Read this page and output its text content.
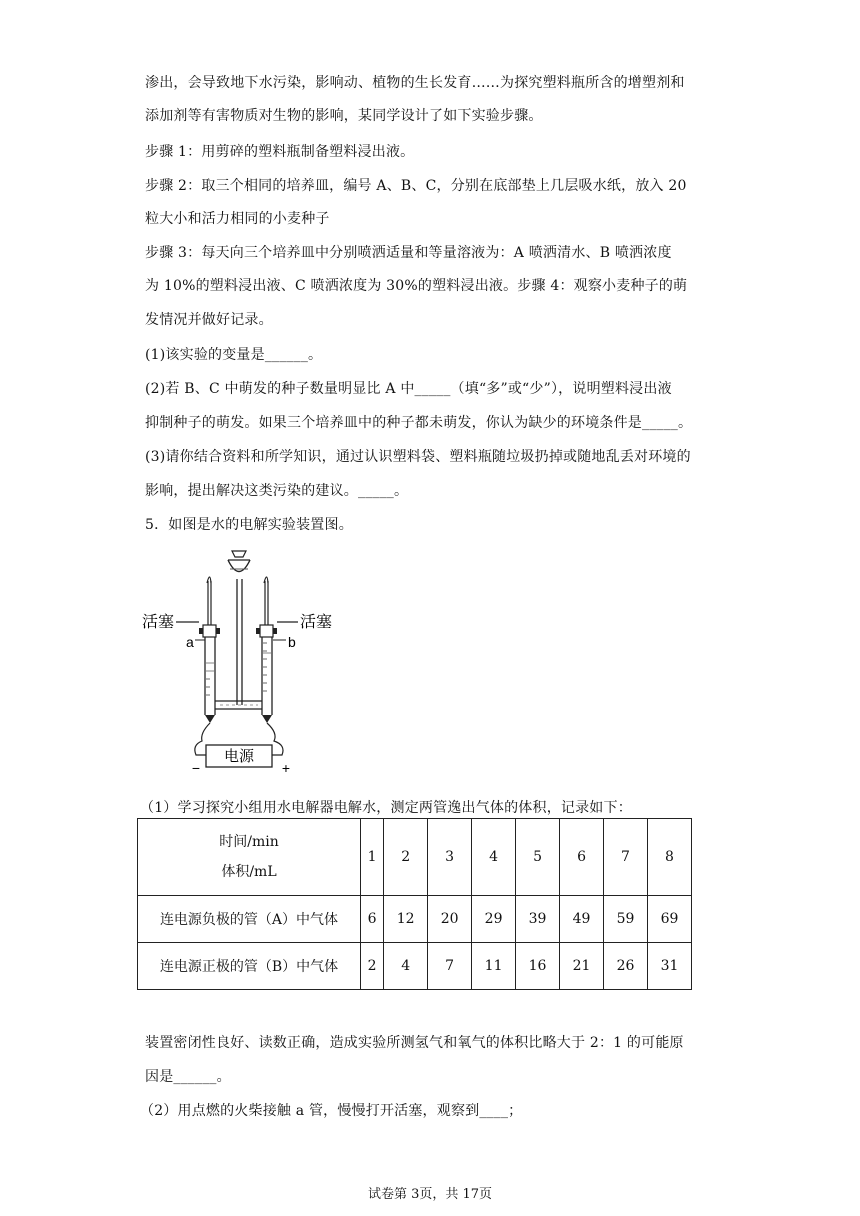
渗出，会导致地下水污染，影响动、植物的生长发育……为探究塑料瓶所含的增塑剂和
添加剂等有害物质对生物的影响，某同学设计了如下实验步骤。
步骤 1：用剪碎的塑料瓶制备塑料浸出液。
步骤 2：取三个相同的培养皿，编号 A、B、C，分别在底部垫上几层吸水纸，放入 20
粒大小和活力相同的小麦种子
步骤 3：每天向三个培养皿中分别喷洒适量和等量溶液为：A 喷洒清水、B 喷洒浓度
为 10%的塑料浸出液、C 喷洒浓度为 30%的塑料浸出液。步骤 4：观察小麦种子的萌
发情况并做好记录。
(1)该实验的变量是______。
(2)若 B、C 中萌发的种子数量明显比 A 中_____（填“多”或“少”），说明塑料浸出液
抑制种子的萌发。如果三个培养皿中的种子都未萌发，你认为缺少的环境条件是_____。
(3)请你结合资料和所学知识，通过认识塑料袋、塑料瓶随垃圾扔掉或随地乱丢对环境的
影响，提出解决这类污染的建议。_____。
5．如图是水的电解实验装置图。
电源
−	+
活塞	活塞
a	b
（1）学习探究小组用水电解器电解水，测定两管逸出气体的体积，记录如下：
时间/min
体积/mL	1	2	3	4	5	6	7	8
连电源负极的管（A）中气体	6	12	20	29	39	49	59	69
连电源正极的管（B）中气体	2	4	7	11	16	21	26	31
装置密闭性良好、读数正确，造成实验所测氢气和氧气的体积比略大于 2：1 的可能原
因是______。
（2）用点燃的火柴接触 a 管，慢慢打开活塞，观察到____；
试卷第 3页，共 17页
